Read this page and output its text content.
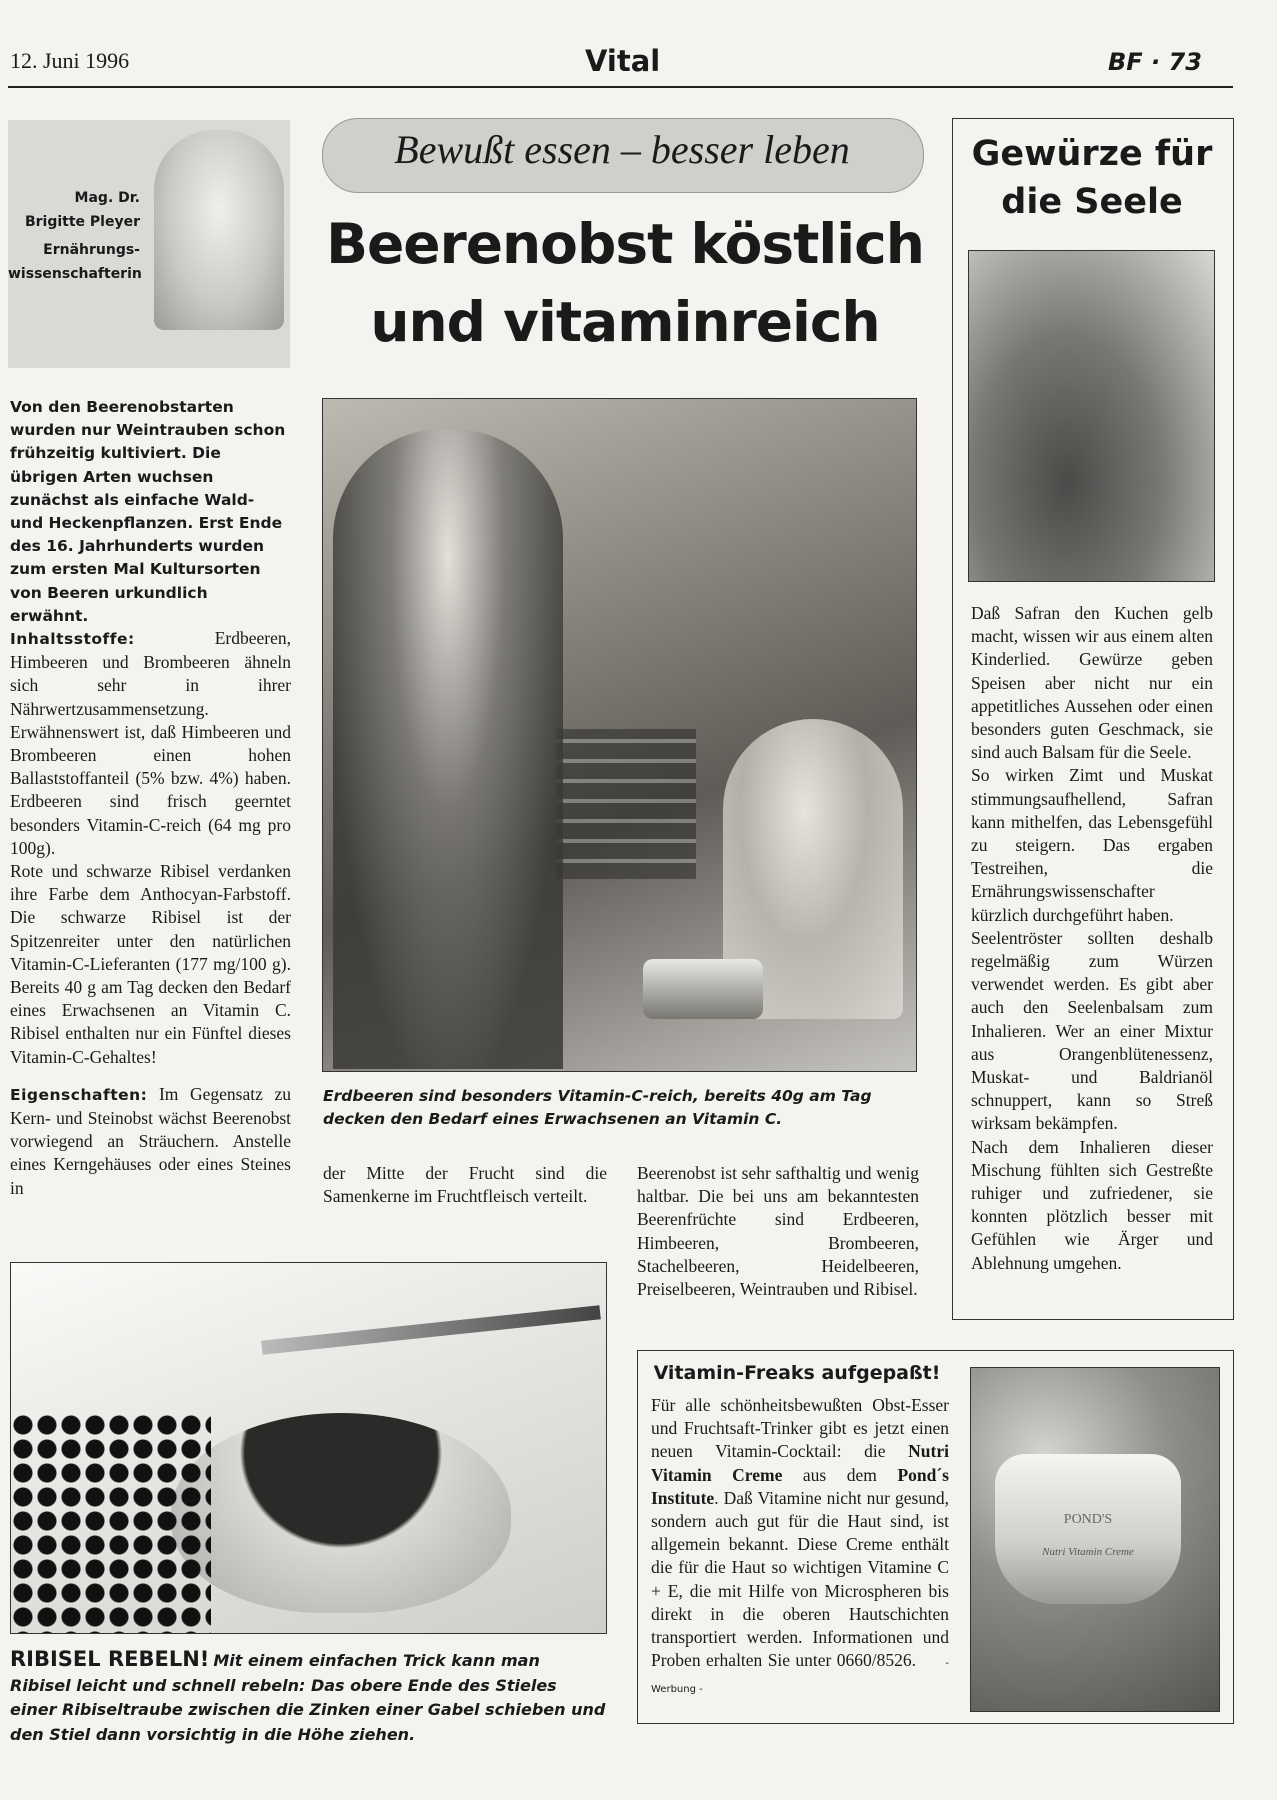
12. Juni 1996	Vital	BF · 73
Mag. Dr.
Brigitte Pleyer
Ernährungs-
wissenschafterin
Bewußt essen – besser leben
Beerenobst köstlich
und vitaminreich
Gewürze für
die Seele

Daß Safran den Kuchen gelb macht, wissen wir aus einem alten Kinderlied. Gewürze geben Speisen aber nicht nur ein appetitliches Aussehen oder einen besonders guten Geschmack, sie sind auch Balsam für die Seele.

So wirken Zimt und Muskat stimmungsaufhellend, Safran kann mithelfen, das Lebensgefühl zu steigern. Das ergaben Testreihen, die Ernährungswissenschafter kürzlich durchgeführt haben.

Seelentröster sollten deshalb regelmäßig zum Würzen verwendet werden. Es gibt aber auch den Seelenbalsam zum Inhalieren. Wer an einer Mixtur aus Orangenblütenessenz, Muskat- und Baldrianöl schnuppert, kann so Streß wirksam bekämpfen.

Nach dem Inhalieren dieser Mischung fühlten sich Gestreßte ruhiger und zufriedener, sie konnten plötzlich besser mit Gefühlen wie Ärger und Ablehnung umgehen.

Von den Beerenobstarten wurden nur Weintrauben schon frühzeitig kultiviert. Die übrigen Arten wuchsen zunächst als einfache Wald- und Heckenpflanzen. Erst Ende des 16. Jahrhunderts wurden zum ersten Mal Kultursorten von Beeren urkundlich erwähnt.

Inhaltsstoffe:	Erdbeeren, Himbeeren und Brombeeren ähneln sich sehr in ihrer Nährwertzusammensetzung. Erwähnenswert ist, daß Himbeeren und Brombeeren einen hohen Ballaststoffanteil (5% bzw. 4%) haben. Erdbeeren sind frisch geerntet besonders Vitamin-C-reich (64 mg pro 100g).

Rote und schwarze Ribisel verdanken ihre Farbe dem Anthocyan-Farbstoff. Die schwarze Ribisel ist der Spitzenreiter unter den natürlichen Vitamin-C-Lieferanten (177 mg/100 g). Bereits 40 g am Tag decken den Bedarf eines Erwachsenen an Vitamin C. Ribisel enthalten nur ein Fünftel dieses Vitamin-C-Gehaltes!

Eigenschaften: Im Gegensatz zu Kern- und Steinobst wächst Beerenobst vorwiegend an Sträuchern. Anstelle eines Kerngehäuses oder eines Steines in

Erdbeeren sind besonders Vitamin-C-reich, bereits 40g am Tag decken den Bedarf eines Erwachsenen an Vitamin C.
der Mitte der Frucht sind die Samenkerne im Fruchtfleisch verteilt.
Beerenobst ist sehr safthaltig und wenig haltbar. Die bei uns am bekanntesten Beerenfrüchte sind Erdbeeren, Himbeeren, Brombeeren, Stachelbeeren, Heidelbeeren, Preiselbeeren, Weintrauben und Ribisel.
RIBISEL REBELN! Mit einem einfachen Trick kann man Ribisel leicht und schnell rebeln: Das obere Ende des Stieles einer Ribiseltraube zwischen die Zinken einer Gabel schieben und den Stiel dann vorsichtig in die Höhe ziehen.
Vitamin-Freaks aufgepaßt!
Für alle schönheitsbewußten Obst-Esser und Fruchtsaft-Trinker gibt es jetzt einen neuen Vitamin-Cocktail: die Nutri Vitamin Creme aus dem Pond´s Institute. Daß Vitamine nicht nur gesund, sondern auch gut für die Haut sind, ist allgemein bekannt. Diese Creme enthält die für die Haut so wichtigen Vitamine C + E, die mit Hilfe von Microspheren bis direkt in die oberen Hautschichten transportiert werden. Informationen und Proben erhalten Sie unter 0660/8526.	- Werbung -
POND'S
Nutri Vitamin Creme
